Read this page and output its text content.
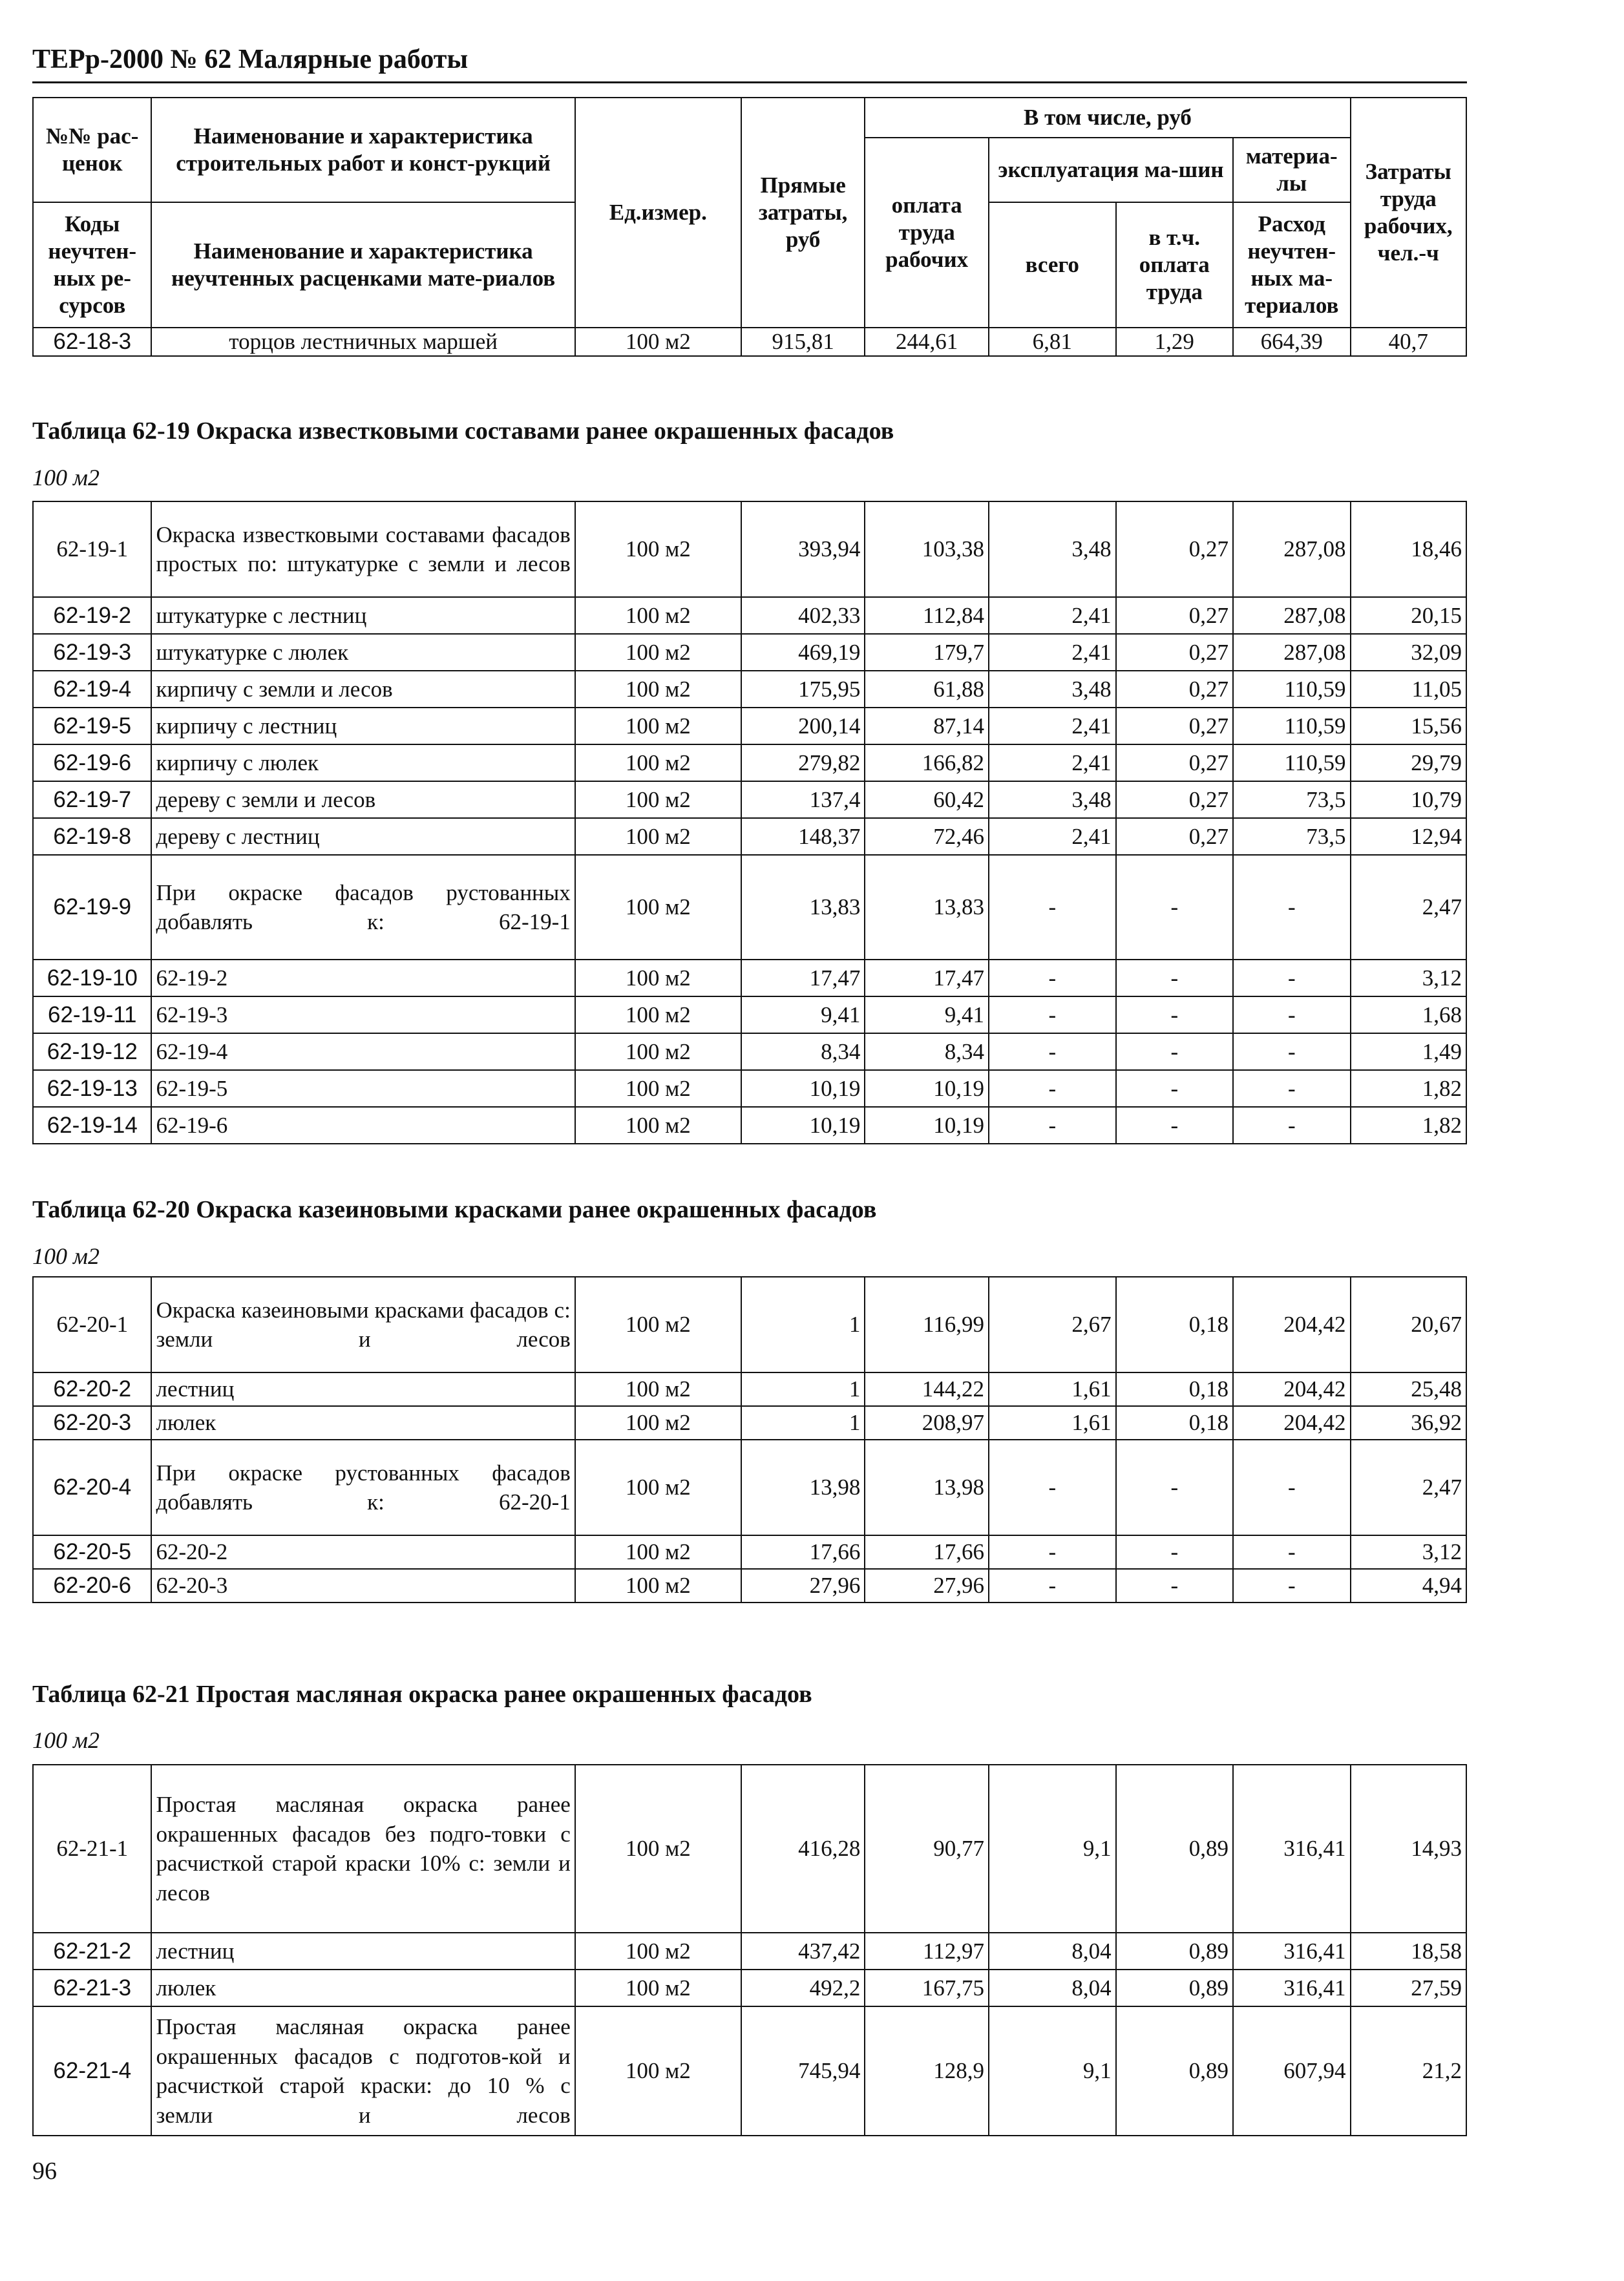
ТЕРр-2000 № 62 Малярные работы
№№ рас-ценок	Наименование и характеристика строительных работ и конст-рукций	Ед.измер.	Прямые затраты, руб	В том числе, руб				Затраты труда рабочих, чел.-ч
				оплата труда рабочих	эксплуатация ма-шин		материа-лы	
Коды неучтен-ных ре-сурсов	Наименование и характеристика неучтенных расценками мате-риалов				всего	в т.ч. оплата труда	Расход неучтен-ных ма-териалов	

62-18-3	торцов лестничных маршей	100 м2	915,81	244,61	6,81	1,29	664,39	40,7
Таблица 62-19 Окраска известковыми составами ранее окрашенных фасадов
100 м2
62-19-1	Окраска известковыми составами фасадов простых по: штукатурке с земли и лесов	100 м2	393,94	103,38	3,48	0,27	287,08	18,46
62-19-2	штукатурке с лестниц	100 м2	402,33	112,84	2,41	0,27	287,08	20,15
62-19-3	штукатурке с люлек	100 м2	469,19	179,7	2,41	0,27	287,08	32,09
62-19-4	кирпичу с земли и лесов	100 м2	175,95	61,88	3,48	0,27	110,59	11,05
62-19-5	кирпичу с лестниц	100 м2	200,14	87,14	2,41	0,27	110,59	15,56
62-19-6	кирпичу с люлек	100 м2	279,82	166,82	2,41	0,27	110,59	29,79
62-19-7	дереву с земли и лесов	100 м2	137,4	60,42	3,48	0,27	73,5	10,79
62-19-8	дереву с лестниц	100 м2	148,37	72,46	2,41	0,27	73,5	12,94
62-19-9	При окраске фасадов рустованных добавлять к: 62-19-1	100 м2	13,83	13,83	-	-	-	2,47
62-19-10	62-19-2	100 м2	17,47	17,47	-	-	-	3,12
62-19-11	62-19-3	100 м2	9,41	9,41	-	-	-	1,68
62-19-12	62-19-4	100 м2	8,34	8,34	-	-	-	1,49
62-19-13	62-19-5	100 м2	10,19	10,19	-	-	-	1,82
62-19-14	62-19-6	100 м2	10,19	10,19	-	-	-	1,82
Таблица 62-20 Окраска казеиновыми красками ранее окрашенных фасадов
100 м2
62-20-1	Окраска казеиновыми красками фасадов с: земли и лесов	100 м2	1	116,99	2,67	0,18	204,42	20,67
62-20-2	лестниц	100 м2	1	144,22	1,61	0,18	204,42	25,48
62-20-3	люлек	100 м2	1	208,97	1,61	0,18	204,42	36,92
62-20-4	При окраске рустованных фасадов добавлять к: 62-20-1	100 м2	13,98	13,98	-	-	-	2,47
62-20-5	62-20-2	100 м2	17,66	17,66	-	-	-	3,12
62-20-6	62-20-3	100 м2	27,96	27,96	-	-	-	4,94
Таблица 62-21 Простая масляная окраска ранее окрашенных фасадов
100 м2
62-21-1	Простая масляная окраска ранее окрашенных фасадов без подго-товки с расчисткой старой краски 10% с: земли и лесов	100 м2	416,28	90,77	9,1	0,89	316,41	14,93
62-21-2	лестниц	100 м2	437,42	112,97	8,04	0,89	316,41	18,58
62-21-3	люлек	100 м2	492,2	167,75	8,04	0,89	316,41	27,59
62-21-4	Простая масляная окраска ранее окрашенных фасадов с подготов-кой и расчисткой старой краски: до 10 % с земли и лесов	100 м2	745,94	128,9	9,1	0,89	607,94	21,2
96
